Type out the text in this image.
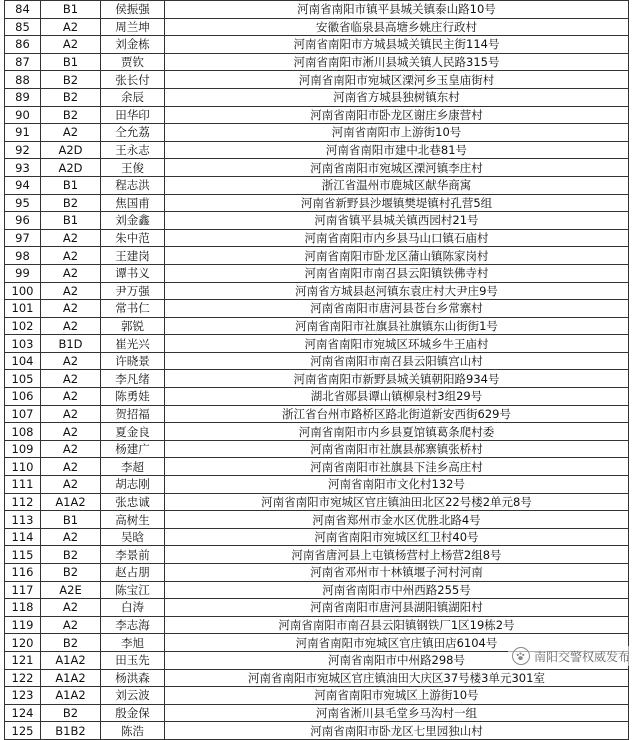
84	B1	侯振强	河南省南阳市镇平县城关镇泰山路10号
85	A2	周兰坤	安徽省临泉县高塘乡姚庄行政村
86	A2	刘金栋	河南省南阳市方城县城关镇民主街114号
87	B1	贾钦	河南省南阳市淅川县城关镇人民路315号
88	B2	张长付	河南省南阳市宛城区溧河乡玉皇庙街村
89	B2	余辰	河南省方城县独树镇东村
90	B2	田华印	河南省南阳市卧龙区谢庄乡康营村
91	A2	仝允荔	河南省南阳市上游街10号
92	A2D	王永志	河南省南阳市建中北巷81号
93	A2D	王俊	河南省南阳市宛城区溧河镇李庄村
94	B1	程志洪	浙江省温州市鹿城区献华商寓
95	B2	焦国甫	河南省新野县沙堰镇樊堤镇村孔营5组
96	B1	刘金鑫	河南省镇平县城关镇西园村21号
97	A2	朱中范	河南省南阳市内乡县马山口镇石庙村
98	A2	王建岗	河南省南阳市卧龙区蒲山镇陈家岗村
99	A2	谭书义	河南省南阳市南召县云阳镇铁佛寺村
100	A2	尹万强	河南省方城县赵河镇东袁庄村大尹庄9号
101	A2	常书仁	河南省南阳市唐河县苍台乡常寨村
102	A2	郭锐	河南省南阳市社旗县社旗镇东山街街1号
103	B1D	崔光兴	河南省南阳市宛城区环城乡牛王庙村
104	A2	许晓景	河南省南阳市南召县云阳镇宫山村
105	A2	李凡绪	河南省南阳市新野县城关镇朝阳路934号
106	A2	陈勇娃	湖北省郧县谭山镇柳泉村3组29号
107	A2	贺招福	浙江省台州市路桥区路北街道新安西街629号
108	A2	夏金良	河南省南阳市内乡县夏馆镇葛条爬村委
109	A2	杨建广	河南省南阳市社旗县郝寨镇张桥村
110	A2	李超	河南省南阳市社旗县下洼乡高庄村
111	A2	胡志刚	河南省南阳市文化村132号
112	A1A2	张忠诚	河南省南阳市宛城区官庄镇油田北区22号楼2单元8号
113	B1	高树生	河南省郑州市金水区优胜北路4号
114	A2	吴晗	河南省南阳市宛城区红卫村40号
115	B2	李景前	河南省唐河县上屯镇杨营村上杨营2组8号
116	B2	赵占朋	河南省邓州市十林镇堰子河村河南
117	A2E	陈宝江	河南省南阳市中州西路255号
118	A2	白涛	河南省南阳市唐河县湖阳镇湖阳村
119	A2	李志海	河南省南阳市南召县云阳镇钢铁厂1区19栋2号
120	B2	李旭	河南省南阳市宛城区官庄镇田店6104号
121	A1A2	田玉先	河南省南阳市中州路298号
122	A1A2	杨洪森	河南省南阳市宛城区官庄镇油田大庆区37号楼3单元301室
123	A1A2	刘云波	河南省南阳市宛城区上游街10号
124	B2	殷金保	河南省淅川县毛堂乡马沟村一组
125	B1B2	陈浩	河南省南阳市卧龙区七里园独山村
南阳交警权威发布
